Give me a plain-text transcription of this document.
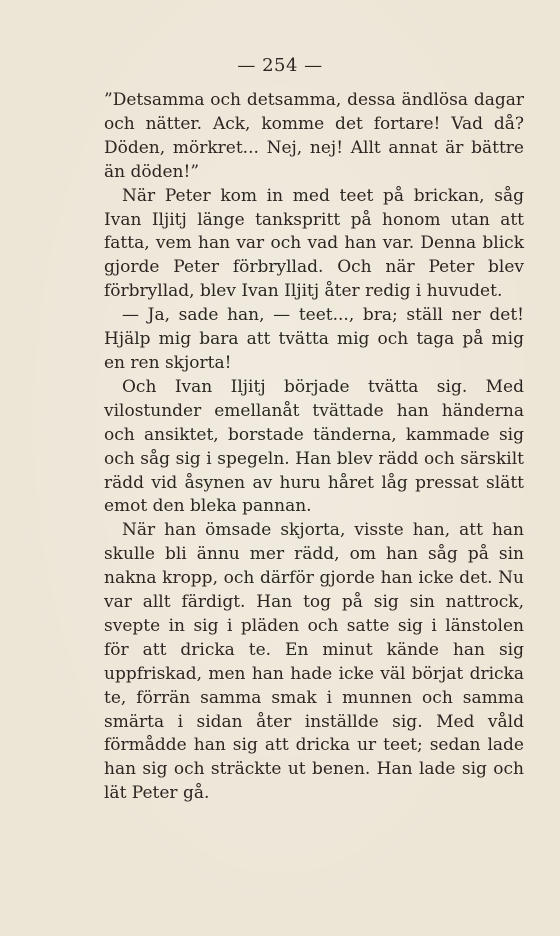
— 254 —

”Detsamma och detsamma, dessa ändlösa dagar och nätter. Ack, komme det fortare! Vad då? Döden, mörkret... Nej, nej! Allt annat är bättre än döden!”

När Peter kom in med teet på brickan, såg Ivan Iljitj länge tankspritt på honom utan att fatta, vem han var och vad han var. Denna blick gjorde Peter förbryllad. Och när Peter blev förbryllad, blev Ivan Iljitj åter redig i huvudet.

— Ja, sade han, — teet..., bra; ställ ner det! Hjälp mig bara att tvätta mig och taga på mig en ren skjorta!

Och Ivan Iljitj började tvätta sig. Med vilostunder emellanåt tvättade han händerna och ansiktet, borstade tänderna, kammade sig och såg sig i spegeln. Han blev rädd och särskilt rädd vid åsynen av huru håret låg pressat slätt emot den bleka pannan.

När han ömsade skjorta, visste han, att han skulle bli ännu mer rädd, om han såg på sin nakna kropp, och därför gjorde han icke det. Nu var allt färdigt. Han tog på sig sin nattrock, svepte in sig i pläden och satte sig i länstolen för att dricka te. En minut kände han sig uppfriskad, men han hade icke väl börjat dricka te, förrän samma smak i munnen och samma smärta i sidan åter inställde sig. Med våld förmådde han sig att dricka ur teet; sedan lade han sig och sträckte ut benen. Han lade sig och lät Peter gå.
